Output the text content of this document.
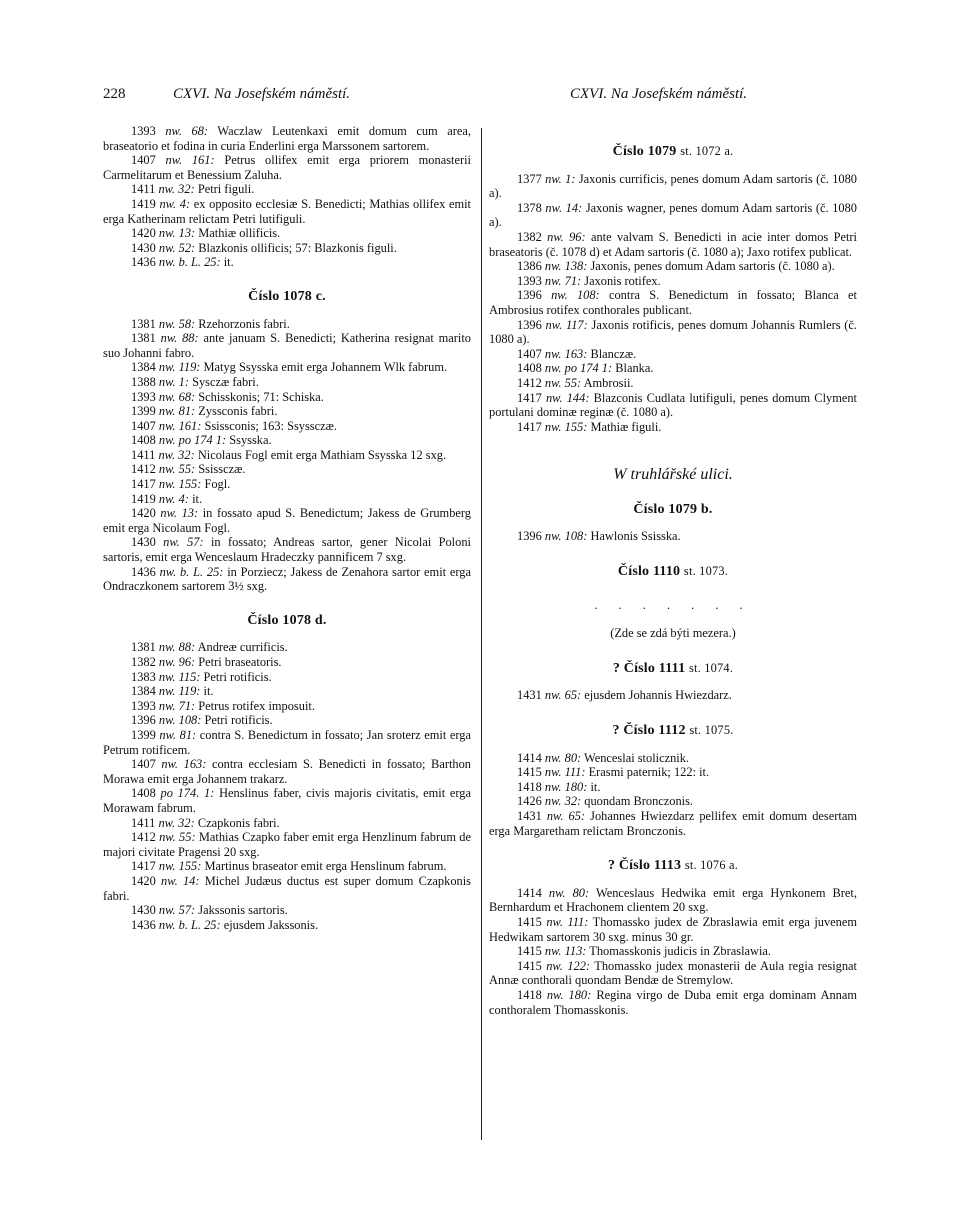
228	CXVI. Na Josefském náměstí.	CXVI. Na Josefském náměstí.

1393 nw. 68: Waczlaw Leutenkaxi emit domum cum area, braseatorio et fodina in curia Enderlini erga Marssonem sartorem.

1407 nw. 161: Petrus ollifex emit erga priorem monasterii Carmelitarum et Benessium Zaluha.

1411 nw. 32: Petri figuli.

1419 nw. 4: ex opposito ecclesiæ S. Benedicti; Mathias ollifex emit erga Katherinam relictam Petri lutifiguli.

1420 nw. 13: Mathiæ ollificis.

1430 nw. 52: Blazkonis ollificis; 57: Blazkonis figuli.

1436 nw. b. L. 25: it.

Číslo 1078 c.

1381 nw. 58: Rzehorzonis fabri.

1381 nw. 88: ante januam S. Benedicti; Katherina resignat marito suo Johanni fabro.

1384 nw. 119: Matyg Ssysska emit erga Johannem Wlk fabrum.

1388 nw. 1: Sysczæ fabri.

1393 nw. 68: Schisskonis; 71: Schiska.

1399 nw. 81: Zyssconis fabri.

1407 nw. 161: Ssissconis; 163: Ssyssczæ.

1408 nw. po 174 1: Ssysska.

1411 nw. 32: Nicolaus Fogl emit erga Mathiam Ssysska 12 sxg.

1412 nw. 55: Ssissczæ.

1417 nw. 155: Fogl.

1419 nw. 4: it.

1420 nw. 13: in fossato apud S. Benedictum; Jakess de Grumberg emit erga Nicolaum Fogl.

1430 nw. 57: in fossato; Andreas sartor, gener Nicolai Poloni sartoris, emit erga Wenceslaum Hradeczky pannificem 7 sxg.

1436 nw. b. L. 25: in Porziecz; Jakess de Zenahora sartor emit erga Ondraczkonem sartorem 3½ sxg.

Číslo 1078 d.

1381 nw. 88: Andreæ currificis.

1382 nw. 96: Petri braseatoris.

1383 nw. 115: Petri rotificis.

1384 nw. 119: it.

1393 nw. 71: Petrus rotifex imposuit.

1396 nw. 108: Petri rotificis.

1399 nw. 81: contra S. Benedictum in fossato; Jan sroterz emit erga Petrum rotificem.

1407 nw. 163: contra ecclesiam S. Benedicti in fossato; Barthon Morawa emit erga Johannem trakarz.

1408 po 174. 1: Henslinus faber, civis majoris civitatis, emit erga Morawam fabrum.

1411 nw. 32: Czapkonis fabri.

1412 nw. 55: Mathias Czapko faber emit erga Henzlinum fabrum de majori civitate Pragensi 20 sxg.

1417 nw. 155: Martinus braseator emit erga Henslinum fabrum.

1420 nw. 14: Michel Judæus ductus est super domum Czapkonis fabri.

1430 nw. 57: Jakssonis sartoris.

1436 nw. b. L. 25: ejusdem Jakssonis.

Číslo 1079 st. 1072 a.

1377 nw. 1: Jaxonis currificis, penes domum Adam sartoris (č. 1080 a).

1378 nw. 14: Jaxonis wagner, penes domum Adam sartoris (č. 1080 a).

1382 nw. 96: ante valvam S. Benedicti in acie inter domos Petri braseatoris (č. 1078 d) et Adam sartoris (č. 1080 a); Jaxo rotifex publicat.

1386 nw. 138: Jaxonis, penes domum Adam sartoris (č. 1080 a).

1393 nw. 71: Jaxonis rotifex.

1396 nw. 108: contra S. Benedictum in fossato; Blanca et Ambrosius rotifex conthorales publicant.

1396 nw. 117: Jaxonis rotificis, penes domum Johannis Rumlers (č. 1080 a).

1407 nw. 163: Blanczæ.

1408 nw. po 174 1: Blanka.

1412 nw. 55: Ambrosii.

1417 nw. 144: Blazconis Cudlata lutifiguli, penes domum Clyment portulani dominæ reginæ (č. 1080 a).

1417 nw. 155: Mathiæ figuli.

W truhlářské ulici.
Číslo 1079 b.

1396 nw. 108: Hawlonis Ssisska.

Číslo 1110 st. 1073.
. . . . . . .
(Zde se zdá býti mezera.)
? Číslo 1111 st. 1074.

1431 nw. 65: ejusdem Johannis Hwiezdarz.

? Číslo 1112 st. 1075.

1414 nw. 80: Wenceslai stolicznik.

1415 nw. 111: Erasmi paternik; 122: it.

1418 nw. 180: it.

1426 nw. 32: quondam Bronczonis.

1431 nw. 65: Johannes Hwiezdarz pellifex emit domum desertam erga Margaretham relictam Bronczonis.

? Číslo 1113 st. 1076 a.

1414 nw. 80: Wenceslaus Hedwika emit erga Hynkonem Bret, Bernhardum et Hrachonem clientem 20 sxg.

1415 nw. 111: Thomassko judex de Zbraslawia emit erga juvenem Hedwikam sartorem 30 sxg. minus 30 gr.

1415 nw. 113: Thomasskonis judicis in Zbraslawia.

1415 nw. 122: Thomassko judex monasterii de Aula regia resignat Annæ conthorali quondam Bendæ de Stremylow.

1418 nw. 180: Regina virgo de Duba emit erga dominam Annam conthoralem Thomasskonis.
